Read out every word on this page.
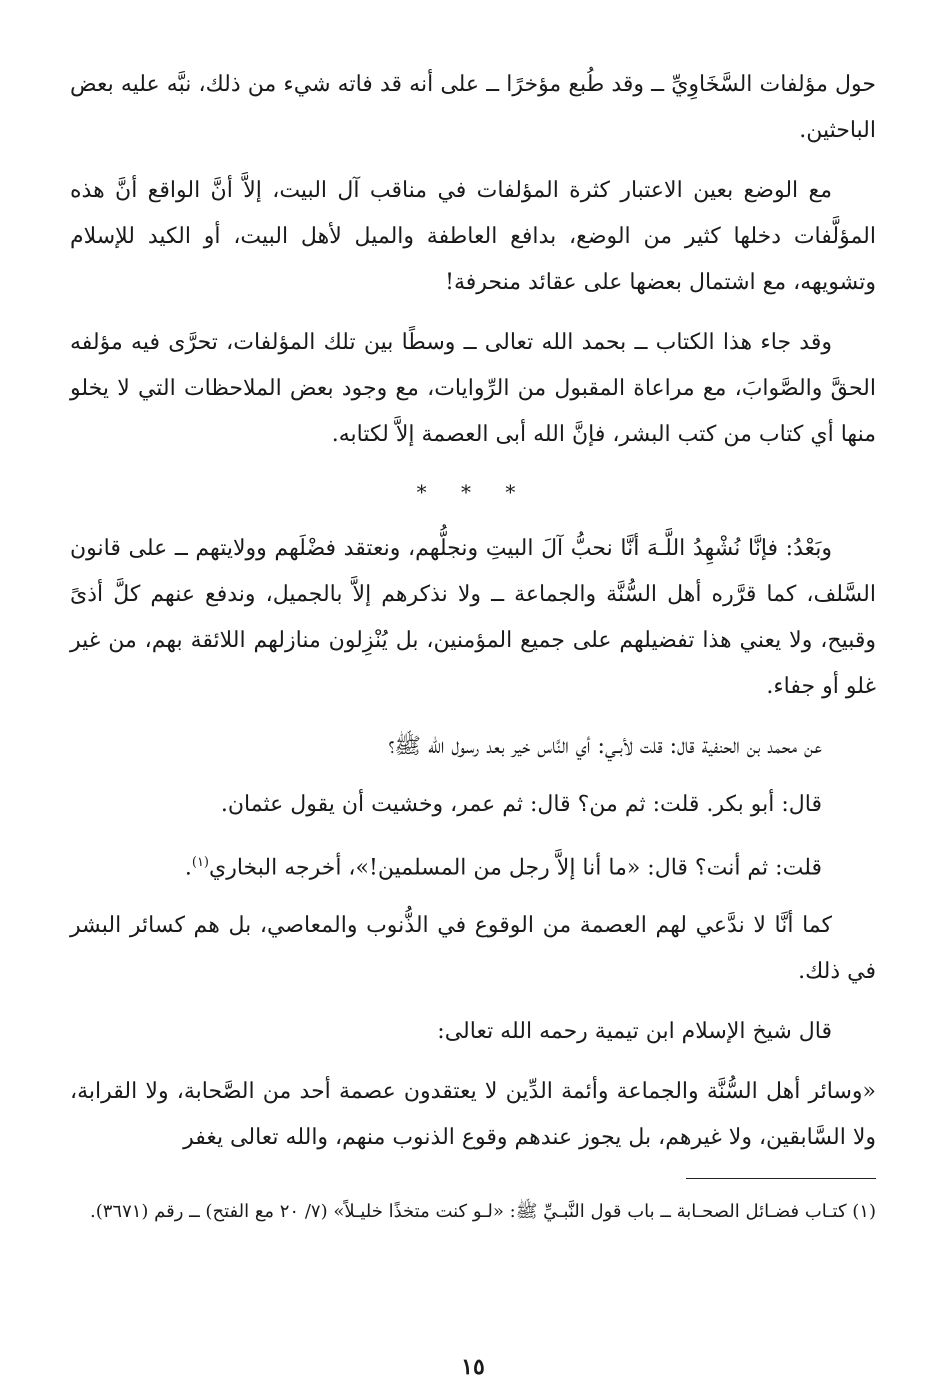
حول مؤلفات السَّخَاوِيِّ ــ وقد طُبع مؤخرًا ــ على أنه قد فاته شيء من ذلك، نبَّه عليه بعض الباحثين.

مع الوضع بعين الاعتبار كثرة المؤلفات في مناقب آل البيت، إلاَّ أنَّ الواقع أنَّ هذه المؤلَّفات دخلها كثير من الوضع، بدافع العاطفة والميل لأهل البيت، أو الكيد للإسلام وتشويهه، مع اشتمال بعضها على عقائد منحرفة!

وقد جاء هذا الكتاب ــ بحمد الله تعالى ــ وسطًا بين تلك المؤلفات، تحرَّى فيه مؤلفه الحقَّ والصَّوابَ، مع مراعاة المقبول من الرِّوايات، مع وجود بعض الملاحظات التي لا يخلو منها أي كتاب من كتب البشر، فإنَّ الله أبى العصمة إلاَّ لكتابه.

* * *

وبَعْدُ: فإنَّا نُشْهِدُ اللَّـهَ أنَّا نحبُّ آلَ البيتِ ونجلُّهم، ونعتقد فضْلَهم وولايتهم ــ على قانون السَّلف، كما قرَّره أهل السُّنَّة والجماعة ــ ولا نذكرهم إلاَّ بالجميل، وندفع عنهم كلَّ أذىً وقبيح، ولا يعني هذا تفضيلهم على جميع المؤمنين، بل يُنْزِلون منازلهم اللائقة بهم، من غير غلو أو جفاء.

عن محمد بن الحنفية قال: قلت لأبـي: أي النَّاس خير بعد رسول الله ﷺ؟
قال: أبو بكر. قلت: ثم من؟ قال: ثم عمر، وخشيت أن يقول عثمان.
قلت: ثم أنت؟ قال: «ما أنا إلاَّ رجل من المسلمين!»، أخرجه البخاري$^{(١)}$.

كما أنَّا لا ندَّعي لهم العصمة من الوقوع في الذُّنوب والمعاصي، بل هم كسائر البشر في ذلك.

قال شيخ الإسلام ابن تيمية رحمه الله تعالى:

«وسائر أهل السُّنَّة والجماعة وأئمة الدِّين لا يعتقدون عصمة أحد من الصَّحابة، ولا القرابة، ولا السَّابقين، ولا غيرهم، بل يجوز عندهم وقوع الذنوب منهم، والله تعالى يغفر

(١) كتـاب فضـائل الصحـابة ــ باب قول النَّبـيِّ ﷺ: «لـو كنت متخذًا خليـلاً» (٧/ ٢٠ مع الفتح) ــ رقم (٣٦٧١).
١٥
